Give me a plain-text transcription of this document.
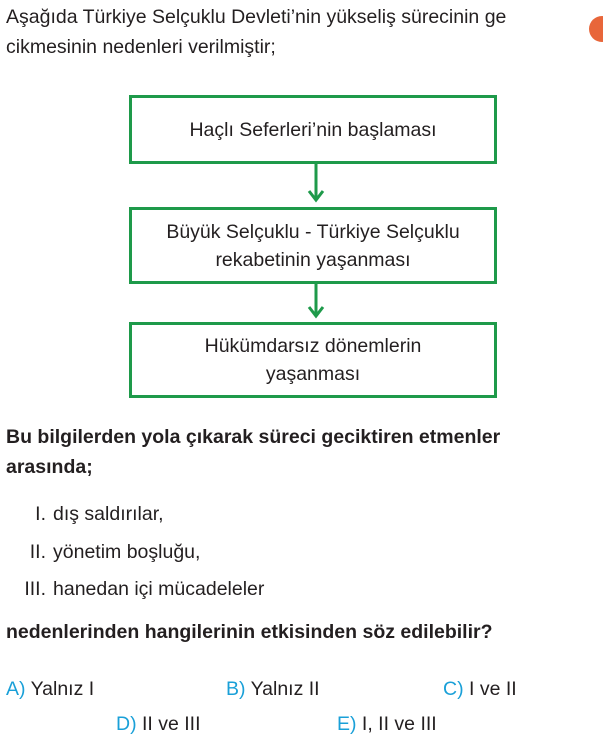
Aşağıda Türkiye Selçuklu Devleti’nin yükseliş sürecinin ge
cikmesinin nedenleri verilmiştir;
Haçlı Seferleri’nin başlaması
Büyük Selçuklu - Türkiye Selçuklu
rekabetinin yaşanması
Hükümdarsız dönemlerin
yaşanması
Bu bilgilerden yola çıkarak süreci geciktiren etmenler
arasında;
I. dış saldırılar,
II. yönetim boşluğu,
III. hanedan içi mücadeleler
nedenlerinden hangilerinin etkisinden söz edilebilir?
A) Yalnız I	B) Yalnız II	C) I ve II
D) II ve III	E) I, II ve III
